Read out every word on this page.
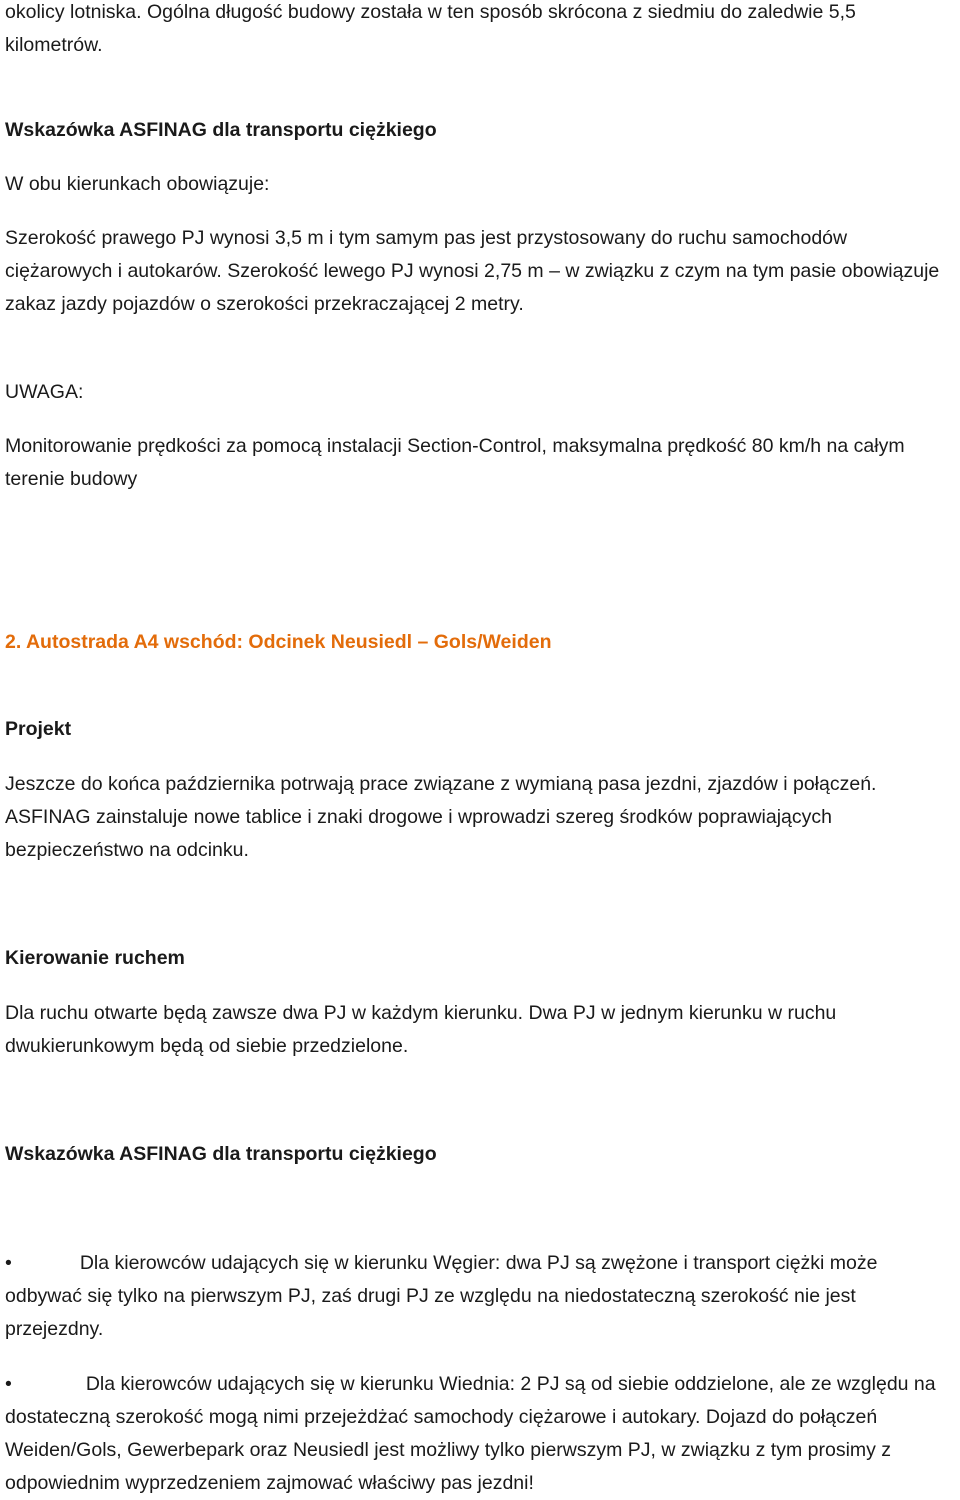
okolicy lotniska. Ogólna długość budowy została w ten sposób skrócona z siedmiu do zaledwie 5,5
kilometrów.
Wskazówka ASFINAG dla transportu ciężkiego
W obu kierunkach obowiązuje:
Szerokość prawego PJ wynosi 3,5 m i tym samym pas jest przystosowany do ruchu samochodów ciężarowych i autokarów. Szerokość lewego PJ wynosi 2,75 m – w związku z czym na tym pasie obowiązuje zakaz jazdy pojazdów o szerokości przekraczającej 2 metry.
UWAGA:
Monitorowanie prędkości za pomocą instalacji Section-Control, maksymalna prędkość 80 km/h na całym terenie budowy
2. Autostrada A4 wschód: Odcinek Neusiedl – Gols/Weiden
Projekt
Jeszcze do końca października potrwają prace związane z wymianą pasa jezdni, zjazdów i połączeń. ASFINAG zainstaluje nowe tablice i znaki drogowe i wprowadzi szereg środków poprawiających bezpieczeństwo na odcinku.
Kierowanie ruchem
Dla ruchu otwarte będą zawsze dwa PJ w każdym kierunku. Dwa PJ w jednym kierunku w ruchu dwukierunkowym będą od siebie przedzielone.
Wskazówka ASFINAG dla transportu ciężkiego
•	Dla kierowców udających się w kierunku Węgier: dwa PJ są zwężone i transport ciężki może odbywać się tylko na pierwszym PJ, zaś drugi PJ ze względu na niedostateczną szerokość nie jest przejezdny.
•	Dla kierowców udających się w kierunku Wiednia: 2 PJ są od siebie oddzielone, ale ze względu na dostateczną szerokość mogą nimi przejeżdżać samochody ciężarowe i autokary. Dojazd do połączeń Weiden/Gols, Gewerbepark oraz Neusiedl jest możliwy tylko pierwszym PJ, w związku z tym prosimy z odpowiednim wyprzedzeniem zajmować właściwy pas jezdni!
